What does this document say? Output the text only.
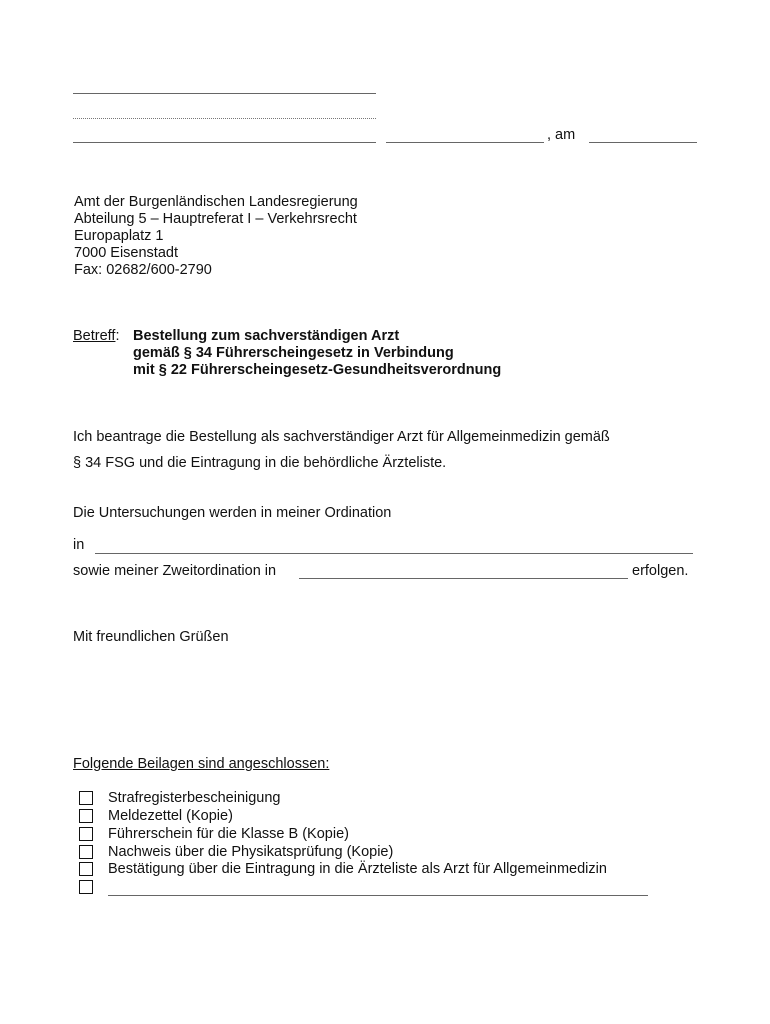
, am
Amt der Burgenländischen Landesregierung
Abteilung 5 – Hauptreferat I – Verkehrsrecht
Europaplatz 1
7000 Eisenstadt
Fax: 02682/600-2790
Betreff: Bestellung zum sachverständigen Arzt
gemäß § 34 Führerscheingesetz in Verbindung
mit § 22 Führerscheingesetz-Gesundheitsverordnung
Ich beantrage die Bestellung als sachverständiger Arzt für Allgemeinmedizin gemäß
§ 34 FSG und die Eintragung in die behördliche Ärzteliste.
Die Untersuchungen werden in meiner Ordination
in
sowie meiner Zweitordination in	erfolgen.
Mit freundlichen Grüßen
Folgende Beilagen sind angeschlossen:
Strafregisterbescheinigung
Meldezettel (Kopie)
Führerschein für die Klasse B (Kopie)
Nachweis über die Physikatsprüfung (Kopie)
Bestätigung über die Eintragung in die Ärzteliste als Arzt für Allgemeinmedizin
